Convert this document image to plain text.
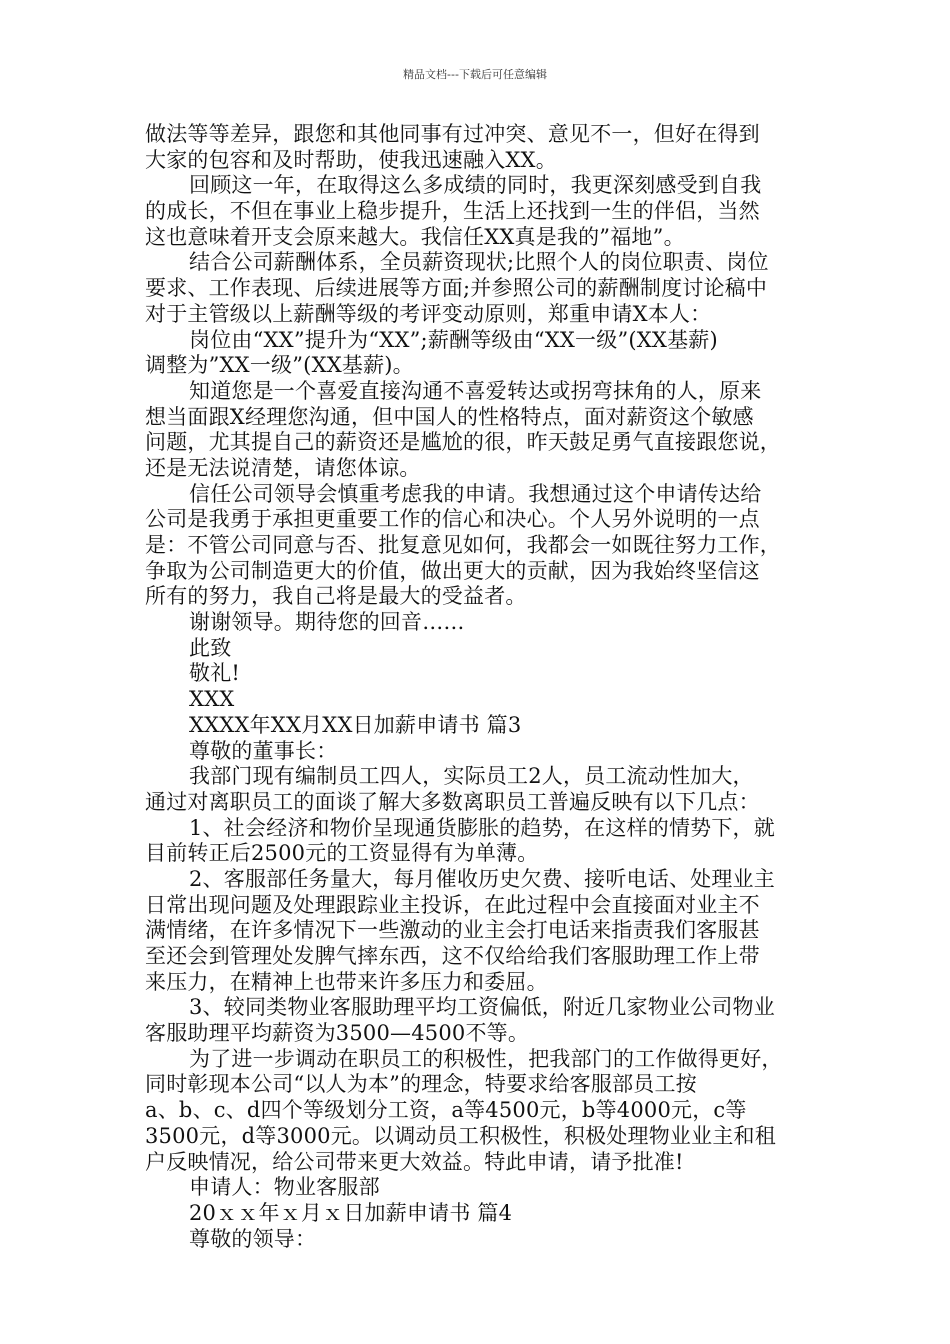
精品文档---下载后可任意编辑
做法等等差异，跟您和其他同事有过冲突、意见不一，但好在得到
大家的包容和及时帮助，使我迅速融入XX。
回顾这一年，在取得这么多成绩的同时，我更深刻感受到自我
的成长，不但在事业上稳步提升，生活上还找到一生的伴侣，当然
这也意味着开支会原来越大。我信任XX真是我的”福地”。
结合公司薪酬体系，全员薪资现状;比照个人的岗位职责、岗位
要求、工作表现、后续进展等方面;并参照公司的薪酬制度讨论稿中
对于主管级以上薪酬等级的考评变动原则，郑重申请X本人：
岗位由“XX”提升为“XX”;薪酬等级由“XX一级”(XX基薪)
调整为”XX一级”(XX基薪)。
知道您是一个喜爱直接沟通不喜爱转达或拐弯抹角的人，原来
想当面跟X经理您沟通，但中国人的性格特点，面对薪资这个敏感
问题，尤其提自己的薪资还是尴尬的很，昨天鼓足勇气直接跟您说，
还是无法说清楚，请您体谅。
信任公司领导会慎重考虑我的申请。我想通过这个申请传达给
公司是我勇于承担更重要工作的信心和决心。个人另外说明的一点
是：不管公司同意与否、批复意见如何，我都会一如既往努力工作，
争取为公司制造更大的价值，做出更大的贡献，因为我始终坚信这
所有的努力，我自己将是最大的受益者。
谢谢领导。期待您的回音……
此致
敬礼!
XXX
XXXX年XX月XX日加薪申请书 篇3
尊敬的董事长：
我部门现有编制员工四人，实际员工2人，员工流动性加大，
通过对离职员工的面谈了解大多数离职员工普遍反映有以下几点：
1、社会经济和物价呈现通货膨胀的趋势，在这样的情势下，就
目前转正后2500元的工资显得有为单薄。
2、客服部任务量大，每月催收历史欠费、接听电话、处理业主
日常出现问题及处理跟踪业主投诉，在此过程中会直接面对业主不
满情绪，在许多情况下一些激动的业主会打电话来指责我们客服甚
至还会到管理处发脾气摔东西，这不仅给给我们客服助理工作上带
来压力，在精神上也带来许多压力和委屈。
3、较同类物业客服助理平均工资偏低，附近几家物业公司物业
客服助理平均薪资为3500—4500不等。
为了进一步调动在职员工的积极性，把我部门的工作做得更好，
同时彰现本公司“以人为本”的理念，特要求给客服部员工按
a、b、c、d四个等级划分工资，a等4500元，b等4000元，c等
3500元，d等3000元。以调动员工积极性，积极处理物业业主和租
户反映情况，给公司带来更大效益。特此申请，请予批准!
申请人：物业客服部
20ｘｘ年ｘ月ｘ日加薪申请书 篇4
尊敬的领导：
